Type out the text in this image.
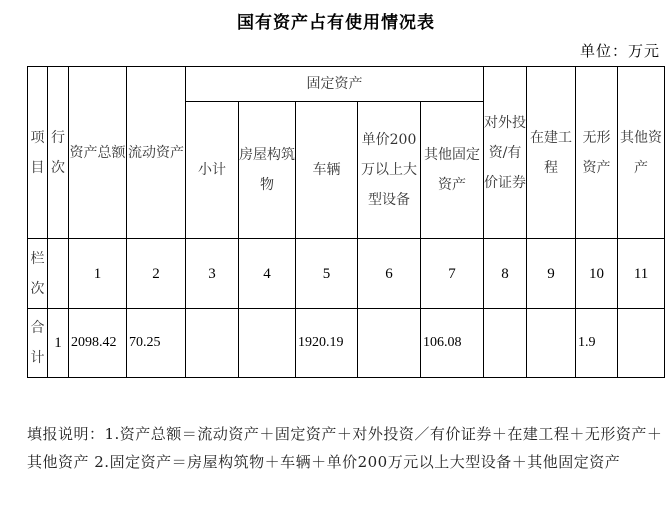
国有资产占有使用情况表
单位：万元
项目	行次	资产总额	流动资产	固定资产					对外投资/有价证券	在建工程	无形资产	其他资产
				小计	房屋构筑物	车辆	单价200万以上大型设备	其他固定资产				
栏次		1	2	3	4	5	6	7	8	9	10	11
合计	1	2098.42	70.25			1920.19		106.08			1.9	
填报说明：1.资产总额＝流动资产＋固定资产＋对外投资／有价证券＋在建工程＋无形资产＋其他资产 2.固定资产＝房屋构筑物＋车辆＋单价200万元以上大型设备＋其他固定资产
